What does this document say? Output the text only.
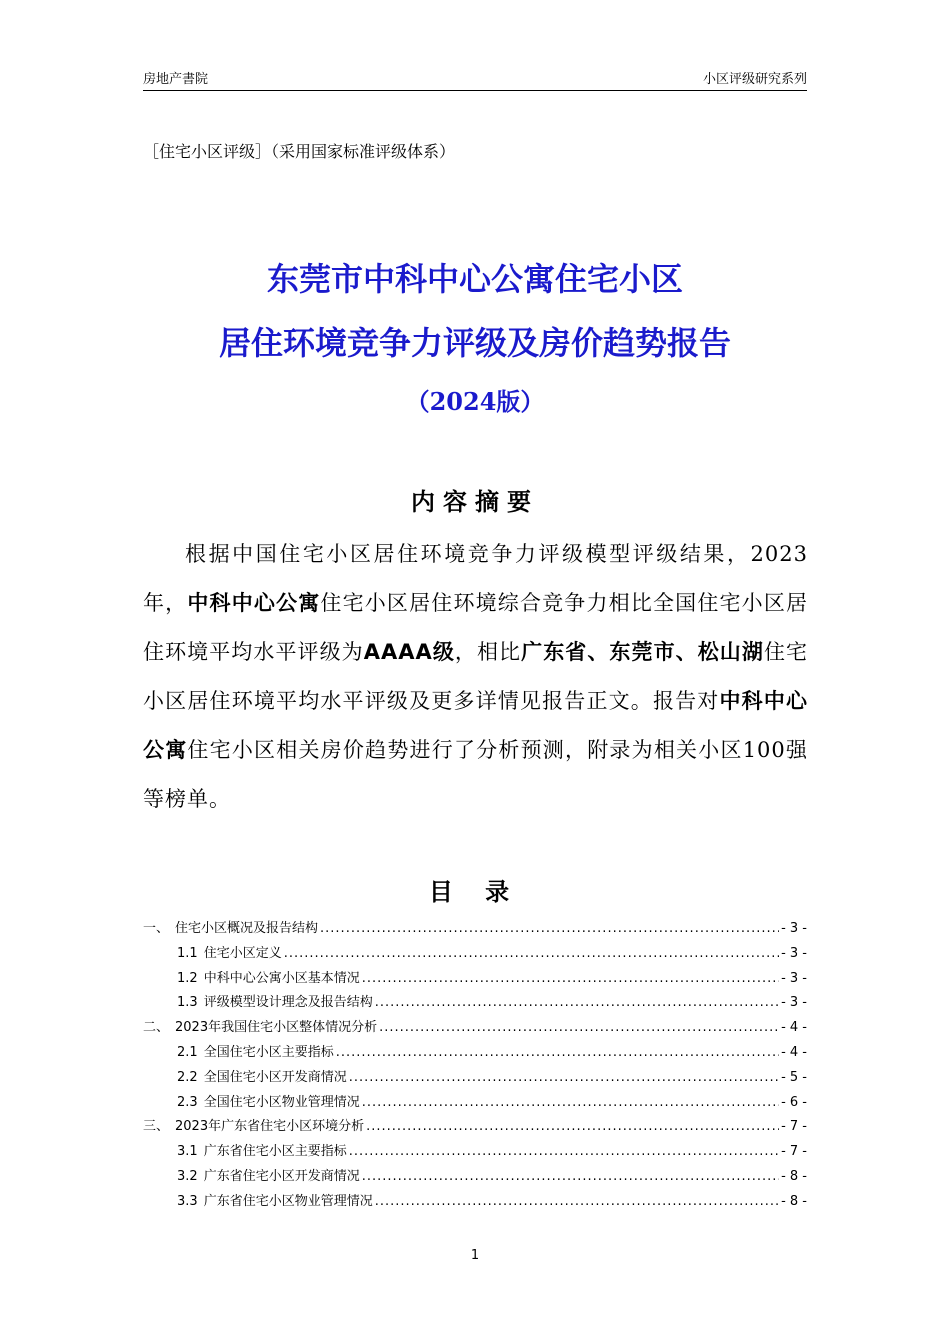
房地产書院	小区评级研究系列
［住宅小区评级］（采用国家标准评级体系）
东莞市中科中心公寓住宅小区
居住环境竞争力评级及房价趋势报告
（2024版）
内容摘要

根据中国住宅小区居住环境竞争力评级模型评级结果，2023年，中科中心公寓住宅小区居住环境综合竞争力相比全国住宅小区居住环境平均水平评级为AAAA级，相比广东省、东莞市、松山湖住宅小区居住环境平均水平评级及更多详情见报告正文。报告对中科中心公寓住宅小区相关房价趋势进行了分析预测，附录为相关小区100强等榜单。

目 录
一、 住宅小区概况及报告结构 .....	- 3 -
1.1 住宅小区定义 .....	- 3 -
1.2 中科中心公寓小区基本情况 .....	- 3 -
1.3 评级模型设计理念及报告结构 .....	- 3 -
二、 2023年我国住宅小区整体情况分析 .....	- 4 -
2.1 全国住宅小区主要指标 .....	- 4 -
2.2 全国住宅小区开发商情况 .....	- 5 -
2.3 全国住宅小区物业管理情况 .....	- 6 -
三、 2023年广东省住宅小区环境分析 .....	- 7 -
3.1 广东省住宅小区主要指标 .....	- 7 -
3.2 广东省住宅小区开发商情况 .....	- 8 -
3.3 广东省住宅小区物业管理情况 .....	- 8 -
1
